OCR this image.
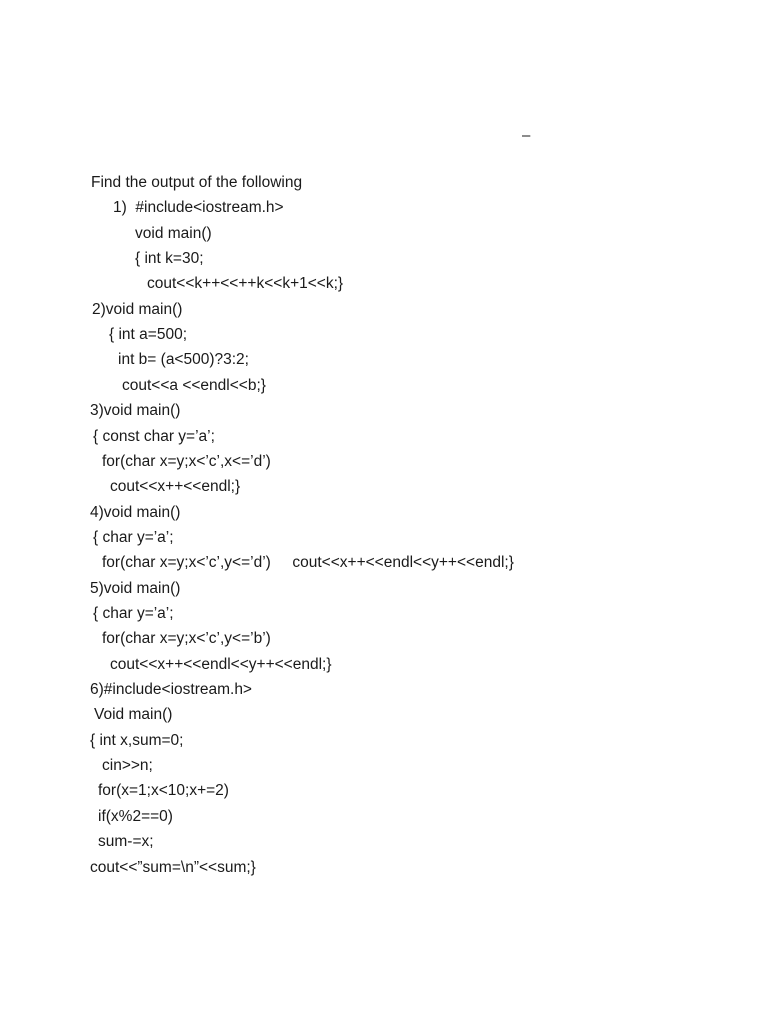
–
Find the output of the following
1)  #include<iostream.h>
void main()
{ int k=30;
cout<<k++<<++k<<k+1<<k;}
2)void main()
{ int a=500;
int b= (a<500)?3:2;
cout<<a <<endl<<b;}
3)void main()
{ const char y=’a’;
for(char x=y;x<’c’,x<=’d’)
cout<<x++<<endl;}
4)void main()
{ char y=’a’;
for(char x=y;x<’c’,y<=’d’)     cout<<x++<<endl<<y++<<endl;}
5)void main()
{ char y=’a’;
for(char x=y;x<’c’,y<=’b’)
cout<<x++<<endl<<y++<<endl;}
6)#include<iostream.h>
Void main()
{ int x,sum=0;
cin>>n;
for(x=1;x<10;x+=2)
if(x%2==0)
sum-=x;
cout<<”sum=\n”<<sum;}
